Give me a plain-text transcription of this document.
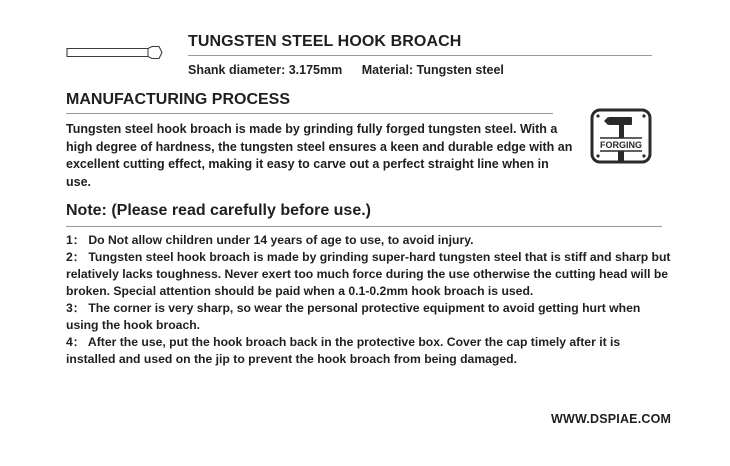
TUNGSTEN STEEL HOOK BROACH
Shank diameter: 3.175mm Material: Tungsten steel
MANUFACTURING PROCESS
Tungsten steel hook broach is made by grinding fully forged tungsten steel. With a high degree of hardness, the tungsten steel ensures a keen and durable edge with an excellent cutting effect, making it easy to carve out a perfect straight line when in use.
FORGING
Note: (Please read carefully before use.)

1： Do Not allow children under 14 years of age to use, to avoid injury.

2： Tungsten steel hook broach is made by grinding super-hard tungsten steel that is stiff and sharp but relatively lacks toughness. Never exert too much force during the use otherwise the cutting head will be broken. Special attention should be paid when a 0.1-0.2mm hook broach is used.

3： The corner is very sharp, so wear the personal protective equipment to avoid getting hurt when using the hook broach.

4： After the use, put the hook broach back in the protective box. Cover the cap timely after it is installed and used on the jip to prevent the hook broach from being damaged.

WWW.DSPIAE.COM
